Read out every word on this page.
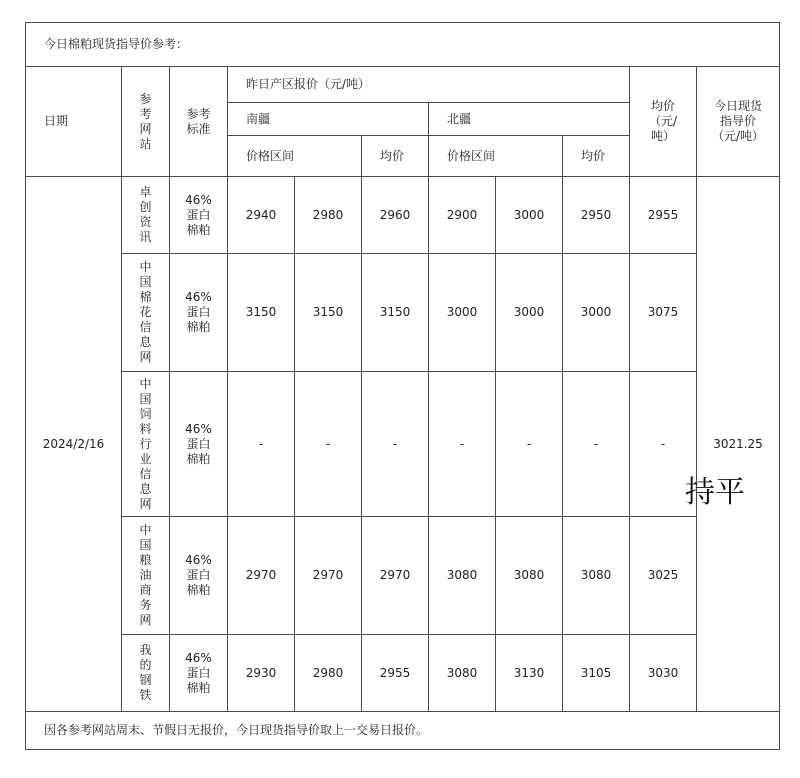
今日棉粕现货指导价参考：										
日期	参考网站	参考标准	昨日产区报价（元/吨）						均价（元/吨）	今日现货指导价（元/吨）
			南疆			北疆				
			价格区间		均价	价格区间		均价		
2024/2/16	卓创资讯	46%蛋白棉粕	2940	2980	2960	2900	3000	2950	2955	3021.25
	中国棉花信息网	46%蛋白棉粕	3150	3150	3150	3000	3000	3000	3075	
	中国饲料行业信息网	46%蛋白棉粕	-	-	-	-	-	-	-	
	中国粮油商务网	46%蛋白棉粕	2970	2970	2970	3080	3080	3080	3025	
	我的钢铁	46%蛋白棉粕	2930	2980	2955	3080	3130	3105	3030	
因各参考网站周末、节假日无报价，今日现货指导价取上一交易日报价。										
持平
